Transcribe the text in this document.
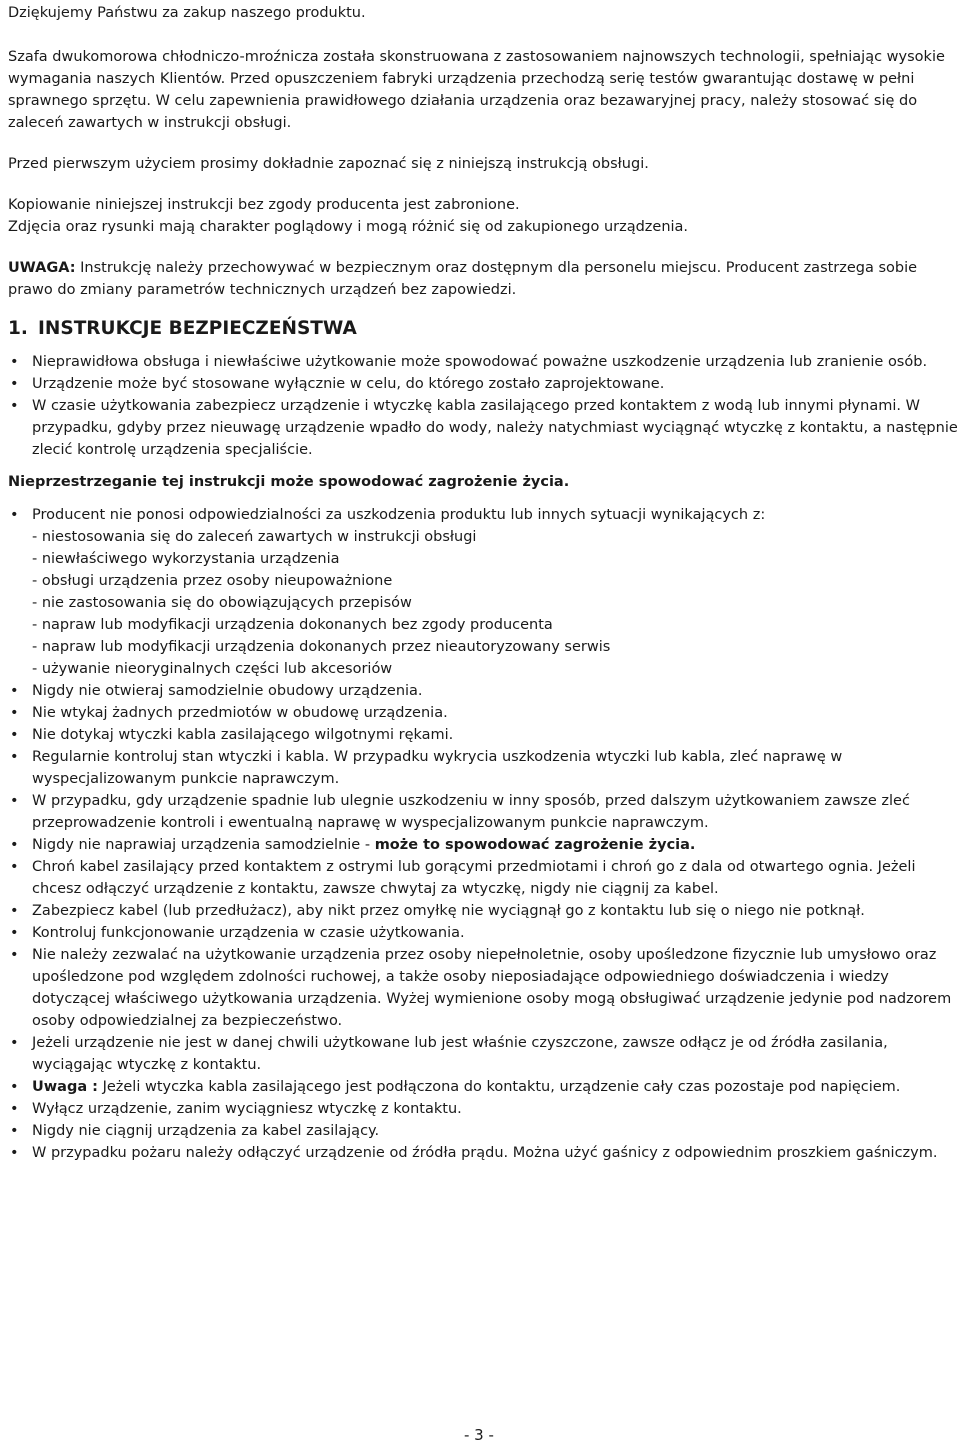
Dziękujemy Państwu za zakup naszego produktu.

Szafa dwukomorowa chłodniczo-mroźnicza została skonstruowana z zastosowaniem najnowszych technologii, spełniając wysokie wymagania naszych Klientów. Przed opuszczeniem fabryki urządzenia przechodzą serię testów gwarantując dostawę w pełni sprawnego sprzętu. W celu zapewnienia prawidłowego działania urządzenia oraz bezawaryjnej pracy, należy stosować się do zaleceń zawartych w instrukcji obsługi.

Przed pierwszym użyciem prosimy dokładnie zapoznać się z niniejszą instrukcją obsługi.

Kopiowanie niniejszej instrukcji bez zgody producenta jest zabronione.

Zdjęcia oraz rysunki mają charakter poglądowy i mogą różnić się od zakupionego urządzenia.

UWAGA: Instrukcję należy przechowywać w bezpiecznym oraz dostępnym dla personelu miejscu. Producent zastrzega sobie prawo do zmiany parametrów technicznych urządzeń bez zapowiedzi.

1. INSTRUKCJE BEZPIECZEŃSTWA
• Nieprawidłowa obsługa i niewłaściwe użytkowanie może spowodować poważne uszkodzenie urządzenia lub zranienie osób.
• Urządzenie może być stosowane wyłącznie w celu, do którego zostało zaprojektowane.
• W czasie użytkowania zabezpiecz urządzenie i wtyczkę kabla zasilającego przed kontaktem z wodą lub innymi płynami. W przypadku, gdyby przez nieuwagę urządzenie wpadło do wody, należy natychmiast wyciągnąć wtyczkę z kontaktu, a następnie zlecić kontrolę urządzenia specjaliście.

Nieprzestrzeganie tej instrukcji może spowodować zagrożenie życia.

• Producent nie ponosi odpowiedzialności za uszkodzenia produktu lub innych sytuacji wynikających z:
- niestosowania się do zaleceń zawartych w instrukcji obsługi
- niewłaściwego wykorzystania urządzenia
- obsługi urządzenia przez osoby nieupoważnione
- nie zastosowania się do obowiązujących przepisów
- napraw lub modyfikacji urządzenia dokonanych bez zgody producenta
- napraw lub modyfikacji urządzenia dokonanych przez nieautoryzowany serwis
- używanie nieoryginalnych części lub akcesoriów
• Nigdy nie otwieraj samodzielnie obudowy urządzenia.
• Nie wtykaj żadnych przedmiotów w obudowę urządzenia.
• Nie dotykaj wtyczki kabla zasilającego wilgotnymi rękami.
• Regularnie kontroluj stan wtyczki i kabla. W przypadku wykrycia uszkodzenia wtyczki lub kabla, zleć naprawę w wyspecjalizowanym punkcie naprawczym.
• W przypadku, gdy urządzenie spadnie lub ulegnie uszkodzeniu w inny sposób, przed dalszym użytkowaniem zawsze zleć przeprowadzenie kontroli i ewentualną naprawę w wyspecjalizowanym punkcie naprawczym.
• Nigdy nie naprawiaj urządzenia samodzielnie - może to spowodować zagrożenie życia.
• Chroń kabel zasilający przed kontaktem z ostrymi lub gorącymi przedmiotami i chroń go z dala od otwartego ognia. Jeżeli chcesz odłączyć urządzenie z kontaktu, zawsze chwytaj za wtyczkę, nigdy nie ciągnij za kabel.
• Zabezpiecz kabel (lub przedłużacz), aby nikt przez omyłkę nie wyciągnął go z kontaktu lub się o niego nie potknął.
• Kontroluj funkcjonowanie urządzenia w czasie użytkowania.
• Nie należy zezwalać na użytkowanie urządzenia przez osoby niepełnoletnie, osoby upośledzone fizycznie lub umysłowo oraz upośledzone pod względem zdolności ruchowej, a także osoby nieposiadające odpowiedniego doświadczenia i wiedzy dotyczącej właściwego użytkowania urządzenia. Wyżej wymienione osoby mogą obsługiwać urządzenie jedynie pod nadzorem osoby odpowiedzialnej za bezpieczeństwo.
• Jeżeli urządzenie nie jest w danej chwili użytkowane lub jest właśnie czyszczone, zawsze odłącz je od źródła zasilania, wyciągając wtyczkę z kontaktu.
• Uwaga : Jeżeli wtyczka kabla zasilającego jest podłączona do kontaktu, urządzenie cały czas pozostaje pod napięciem.
• Wyłącz urządzenie, zanim wyciągniesz wtyczkę z kontaktu.
• Nigdy nie ciągnij urządzenia za kabel zasilający.
• W przypadku pożaru należy odłączyć urządzenie od źródła prądu. Można użyć gaśnicy z odpowiednim proszkiem gaśniczym.
- 3 -
